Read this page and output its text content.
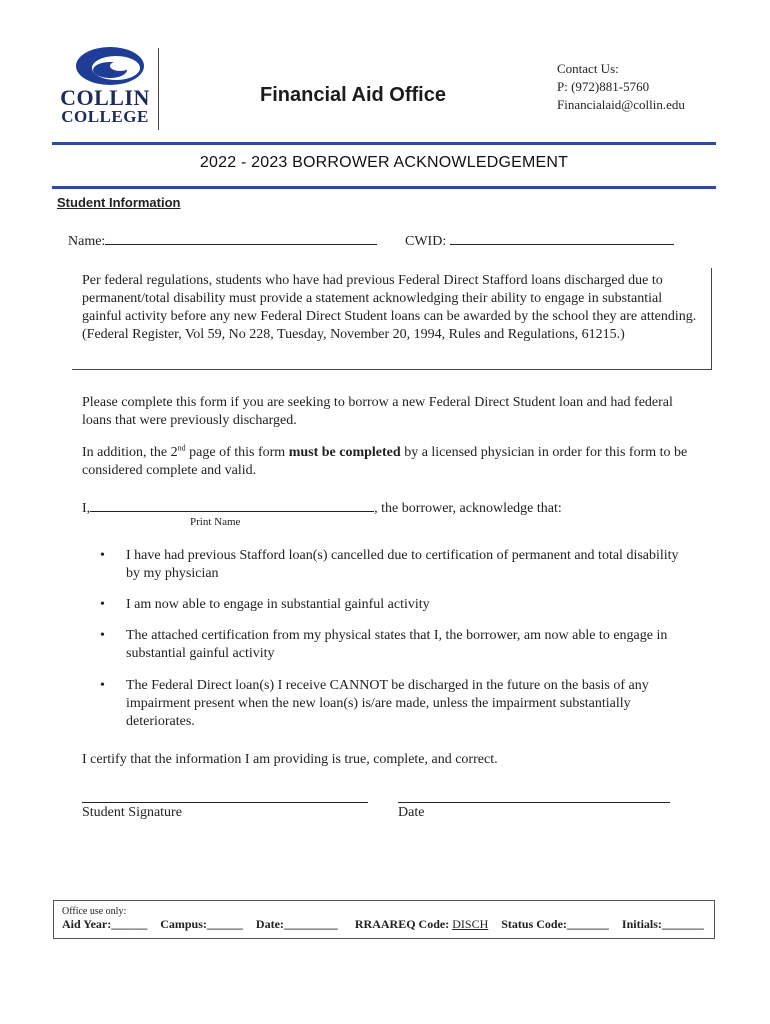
COLLIN
COLLEGE
Financial Aid Office
Contact Us:
P: (972)881-5760
Financialaid@collin.edu
2022 - 2023 BORROWER ACKNOWLEDGEMENT
Student Information
Name:	CWID:
Per federal regulations, students who have had previous Federal Direct Stafford loans discharged due to permanent/total disability must provide a statement acknowledging their ability to engage in substantial gainful activity before any new Federal Direct Student loans can be awarded by the school they are attending. (Federal Register, Vol 59, No 228, Tuesday, November 20, 1994, Rules and Regulations, 61215.)
Please complete this form if you are seeking to borrow a new Federal Direct Student loan and had federal loans that were previously discharged.
In addition, the 2nd page of this form must be completed by a licensed physician in order for this form to be considered complete and valid.
I,	, the borrower, acknowledge that:
Print Name
•	I have had previous Stafford loan(s) cancelled due to certification of permanent and total disability by my physician
•	I am now able to engage in substantial gainful activity
•	The attached certification from my physical states that I, the borrower, am now able to engage in substantial gainful activity
•	The Federal Direct loan(s) I receive CANNOT be discharged in the future on the basis of any impairment present when the new loan(s) is/are made, unless the impairment substantially deteriorates.
I certify that the information I am providing is true, complete, and correct.
Student Signature	Date
Office use only:
Aid Year:______ Campus:______ Date:_________ RRAAREQ Code: DISCH Status Code:_______ Initials:_______
